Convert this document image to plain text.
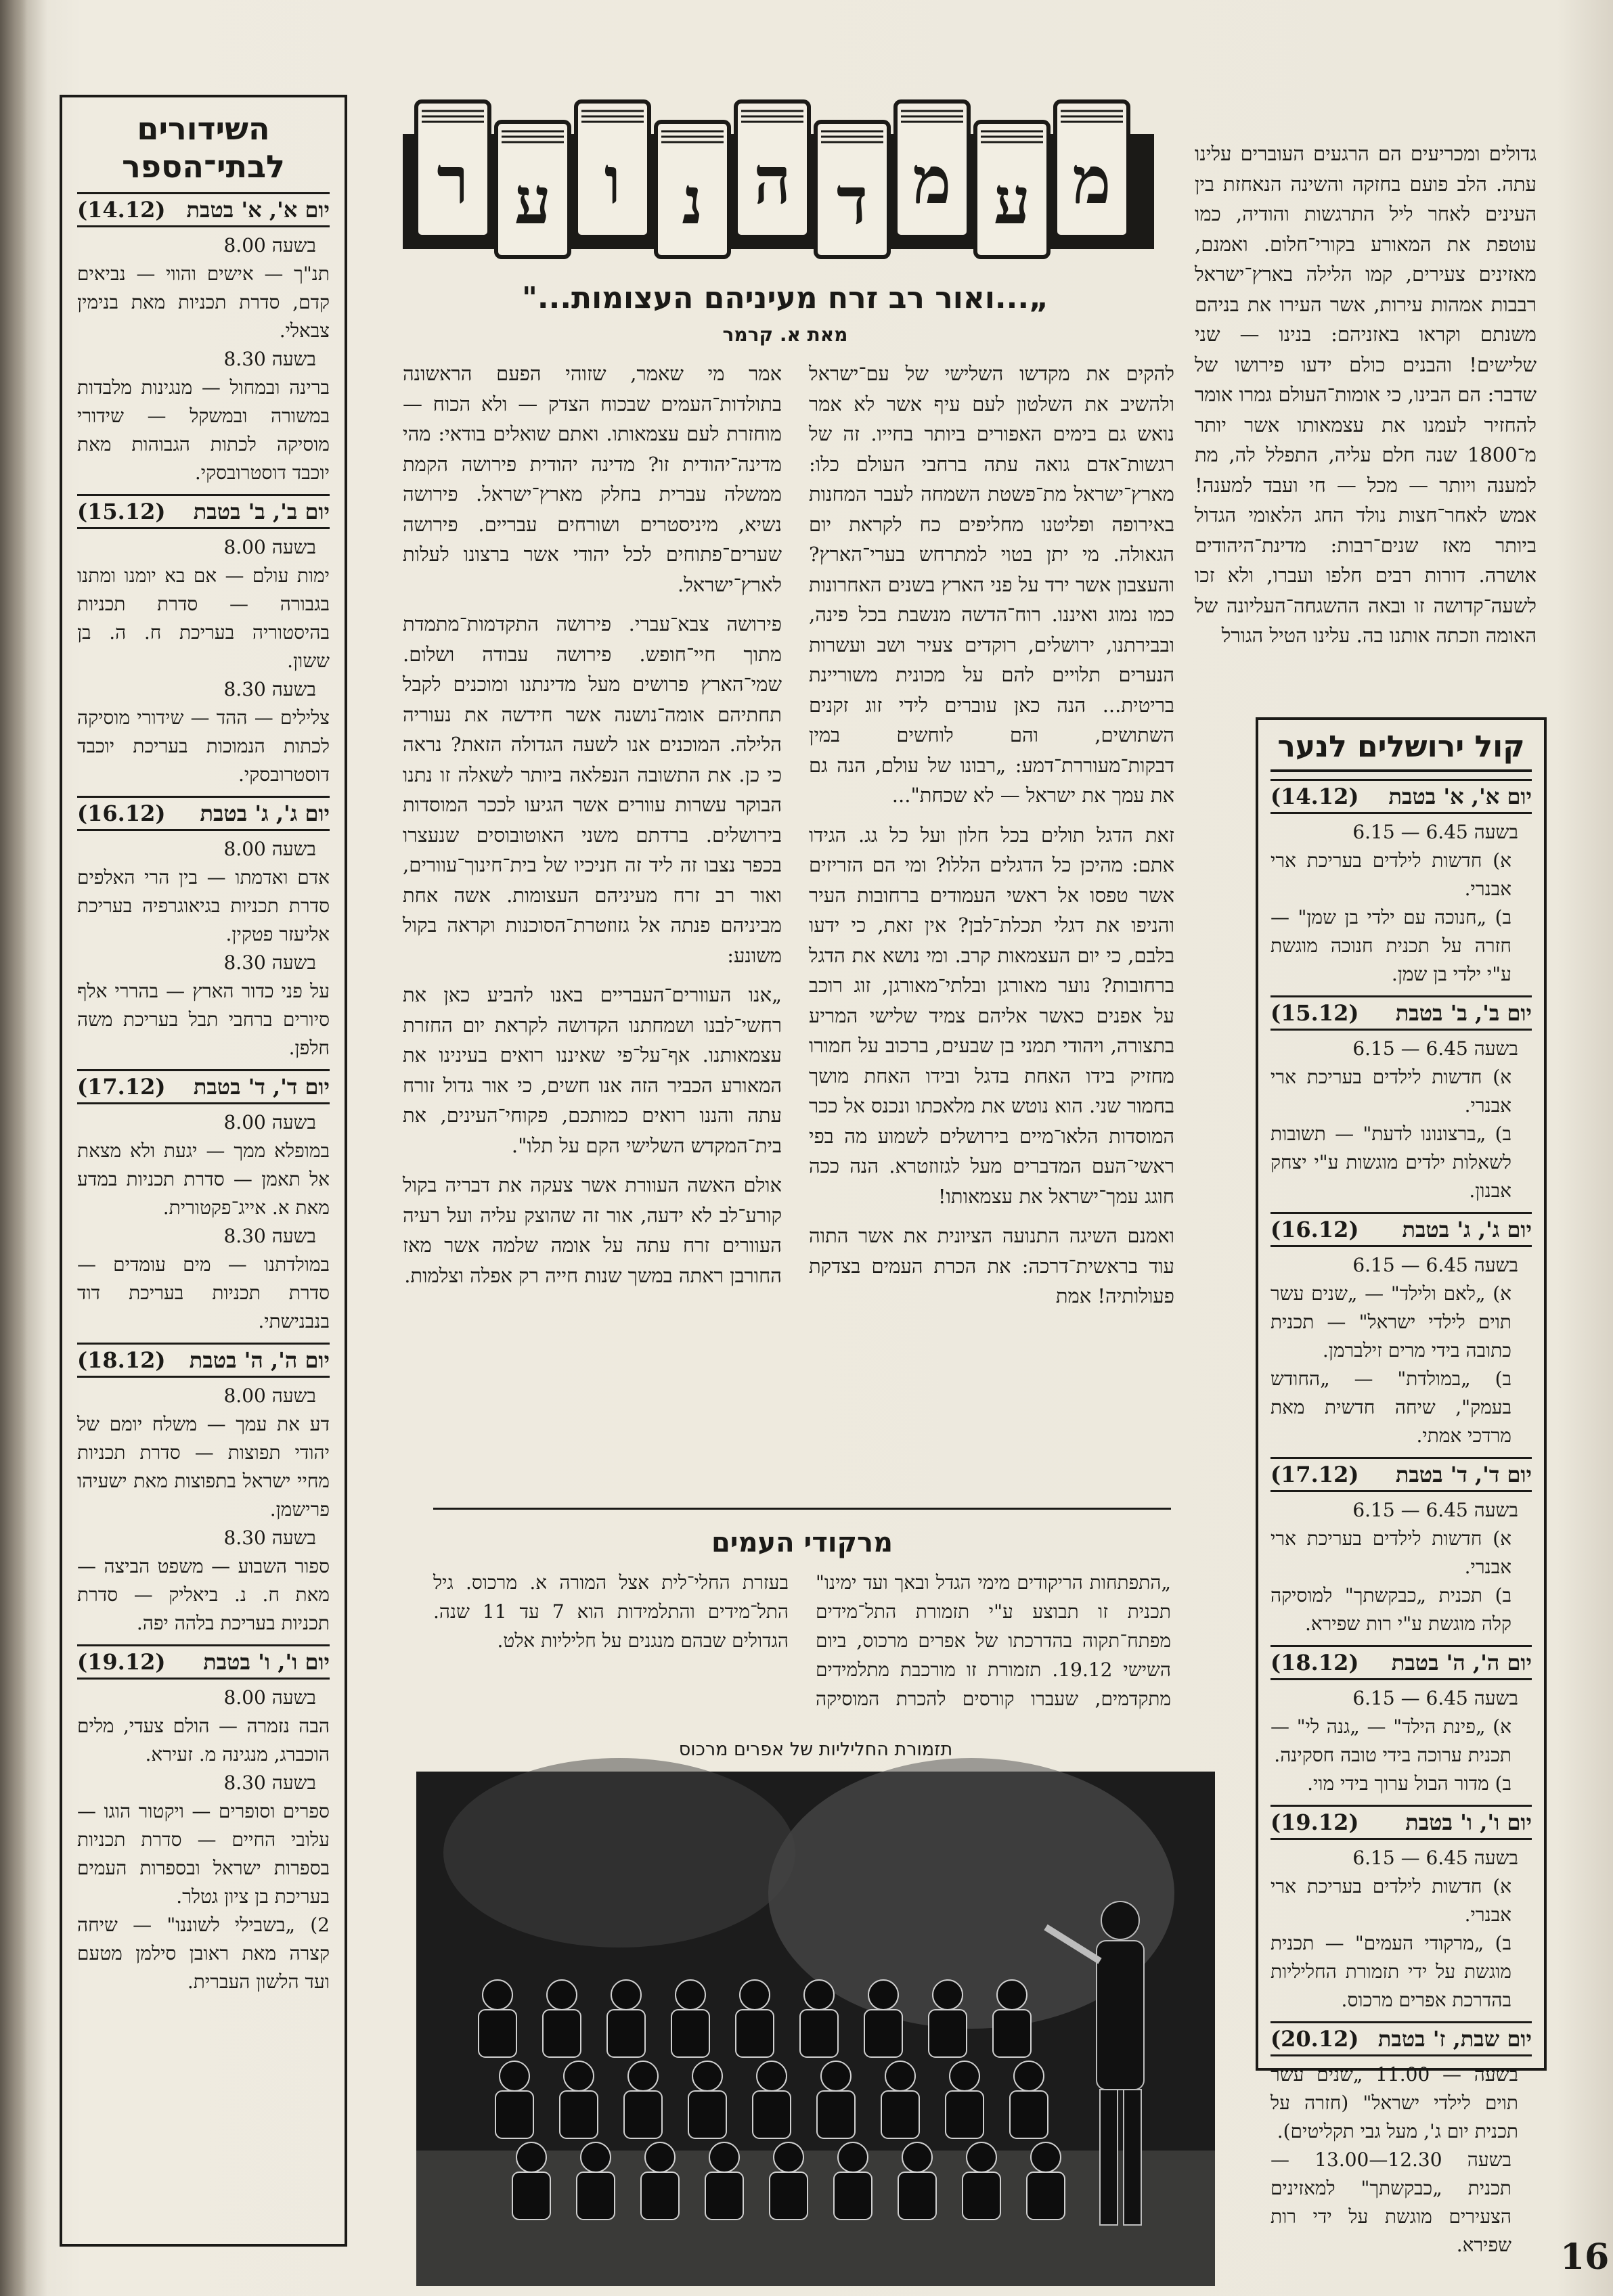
השידורים
לבתי־הספר
יום א', א' בטבת
(14.12)
בשעה 8.00
תנ"ך — אישים והווי — נביאים קדם, סדרת תכניות מאת בנימין צבאלי.
בשעה 8.30
ברינה ובמחול — מנגינות מלבדות במשורה ובמשקל — שידורי מוסיקה לכתות הגבוהות מאת יוכבד דוסטרובסקי.
יום ב', ב' בטבת
(15.12)
בשעה 8.00
ימות עולם — אם בא יומנו ומתנו בגבורה — סדרת תכניות בהיסטוריה בעריכת ח. ה. בן ששון.
בשעה 8.30
צלילים — ההד — שידורי מוסיקה לכתות הנמוכות בעריכת יוכבד דוסטרובסקי.
יום ג', ג' בטבת
(16.12)
בשעה 8.00
אדם ואדמתו — בין הרי האלפים סדרת תכניות בגיאוגרפיה בעריכת אליעזר פטקין.
בשעה 8.30
על פני כדור הארץ — בהררי אלף סיורים ברחבי תבל בעריכת משה חלפן.
יום ד', ד' בטבת
(17.12)
בשעה 8.00
במופלא ממך — יגעת ולא מצאת אל תאמן — סדרת תכניות במדע מאת א. אייג־פקטורית.
בשעה 8.30
במולדתנו — מים עומדים — סדרת תכניות בעריכת דוד בנבנישתי.
יום ה', ה' בטבת
(18.12)
בשעה 8.00
דע את עמך — משלח יומם של יהודי תפוצות — סדרת תכניות מחיי ישראל בתפוצות מאת ישעיהו פרישמן.
בשעה 8.30
ספור השבוע — משפט הביצה — מאת ח. נ. ביאליק — סדרת תכניות בעריכת בלהה יפה.
יום ו', ו' בטבת
(19.12)
בשעה 8.00
הבה נזמרה — הולם צעדי, מלים הוכברג, מנגינה מ. זעירא.
בשעה 8.30
ספרים וסופרים — ויקטור הוגו — עלובי החיים — סדרת תכניות בספרות ישראל ובספרות העמים בעריכת בן ציון גטלר.
2) „בשבילי לשוננו" — שיחה קצרה מאת ראובן סילמן מטעם ועד הלשון העברית.
ר ע ו נ ה ד מ ע מ
„...ואור רב זרח מעיניהם העצומות..."
מאת א. קרמר

גדולים ומכריעים הם הרגעים העוברים עלינו עתה. הלב פועם בחזקה והשינה הנאחזת בין העינים לאחר ליל התרגשות והודיה, כמו עוטפת את המאורע בקורי־חלום. ואמנם, מאזינים צעירים, קמו הלילה בארץ־ישראל רבבות אמהות עירות, אשר העירו את בניהם משנתם וקראו באזניהם: בנינו — שני שלישים! והבנים כולם ידעו פירושו של שדבר: הם הבינו, כי אומות־העולם גמרו אומר להחזיר לעמנו את עצמאותו אשר יותר מ־1800 שנה חלם עליה, התפלל לה, מת למענה ויותר — מכל — חי ועבד למענה! אמש לאחר־חצות נולד החג הלאומי הגדול ביותר מאז שנים־רבות: מדינת־היהודים אושרה. דורות רבים חלפו ועברו, ולא זכו לשעה־קדושה זו ובאה ההשגחה־העליונה של האומה וזכתה אותנו בה. עלינו הטיל הגורל

להקים את מקדשו השלישי של עם־ישראל ולהשיב את השלטון לעם עיף אשר לא אמר נואש גם בימים האפורים ביותר בחייו. זה של רגשות־אדם גואה עתה ברחבי העולם כלו: מארץ־ישראל מת־פשטת השמחה לעבר המחנות באירופה ופליטנו מחליפים כח לקראת יום הגאולה. מי יתן בטוי למתרחש בערי־הארץ? והעצבון אשר ירד על פני הארץ בשנים האחרונות כמו נמוג ואיננו. רוח־הדשה מנשבת בכל פינה, ובבירתנו, ירושלים, רוקדים צעיר ושב ועשרות הנערים תלויים להם על מכונית משוריינת בריטית... הנה כאן עוברים לידי זוג זקנים השתושים, והם לוחשים במין דבקות־מעוררת־דמע: „רבונו של עולם, הנה גם את עמך את ישראל — לא שכחת"...

זאת הדגל תולים בכל חלון ועל כל גג. הגידו אתם: מהיכן כל הדגלים הללו? ומי הם הזריזים אשר טפסו אל ראשי העמודים ברחובות העיר והניפו את דגלי תכלת־לבן? אין זאת, כי ידעו בלבם, כי יום העצמאות קרב. ומי נושא את הדגל ברחובות? נוער מאורגן ובלתי־מאורגן, זוג רוכב על אפנים כאשר אליהם צמיד שלישי המריע בתצורה, ויהודי תמני בן שבעים, ברכוב על חמורו מחזיק בידו האחת בדגל ובידו האחת מושך בחמור שני. הוא נוטש את מלאכתו ונכנס אל ככר המוסדות הלאו־מיים בירושלים לשמוע מה בפי ראשי־העם המדברים מעל לגזוזטרא. הנה ככה חוגג עמך־ישראל את עצמאותו!

ואמנם השיגה התנועה הציונית את אשר התוה עוד בראשית־דרכה: את הכרת העמים בצדקת פעולותיה! אמת

אמר מי שאמר, שזוהי הפעם הראשונה בתולדות־העמים שבכוח הצדק — ולא הכוח — מוחזרת לעם עצמאותו. ואתם שואלים בודאי: מהי מדינה־יהודית זו? מדינה יהודית פירושה הקמת ממשלה עברית בחלק מארץ־ישראל. פירושה נשיא, מיניסטרים ושורחים עבריים. פירושה שערים־פתוחים לכל יהודי אשר ברצונו לעלות לארץ־ישראל.

פירושה צבא־עברי. פירושה התקדמות־מתמדת מתוך חיי־חופש. פירושה עבודה ושלום. שמי־הארץ פרושים מעל מדינתנו ומוכנים לקבל תחתיהם אומה־נושנה אשר חידשה את נעוריה הלילה. המוכנים אנו לשעה הגדולה הזאת? נראה כי כן. את התשובה הנפלאה ביותר לשאלה זו נתנו הבוקר עשרות עוורים אשר הגיעו לככר המוסדות בירושלים. ברדתם משני האוטובוסים שנעצרו בכפר נצבו זה ליד זה חניכיו של בית־חינוך־עוורים, ואור רב זרח מעיניהם העצומות. אשה אחת מביניהם פנתה אל גזוזטרת־הסוכנות וקראה בקול משונע:

„אנו העוורים־העבריים באנו להביע כאן את רחשי־לבנו ושמחתנו הקדושה לקראת יום החזרת עצמאותנו. אף־על־פי שאיננו רואים בעינינו את המאורע הכביר הזה אנו חשים, כי אור גדול זורח עתה והננו רואים כמותכם, פקוחי־העינים, את בית־המקדש השלישי הקם על תלו".

אולם האשה העוורת אשר צעקה את דבריה בקול קורע־לב לא ידעה, אור זה שהוצק עליה ועל רעיה העוורים זרח עתה על אומה שלמה אשר מאז החורבן ראתה במשך שנות חייה רק אפלה וצלמות.

מרקודי העמים
„התפתחות הריקודים מימי הגדל ובאך ועד ימינו" תכנית זו תבוצע ע"י תזמורת התל־מידים מפתח־תקוה בהדרכתו של אפרים מרכוס, ביום השישי 19.12. תזמורת זו מורכבת מתלמידים מתקדמים, שעברו קורסים להכרת המוסיקה בעזרת החלי־לית אצל המורה א. מרכוס. גיל התל־מידים והתלמידות הוא 7 עד 11 שנה. הגדולים שבהם מנגנים על חליליות אלט.
תזמורת החליליות של אפרים מרכוס
קול ירושלים לנער
יום א', א' בטבת
(14.12)
בשעה 6.45 — 6.15
א) חדשות לילדים בעריכת ארי אבנרי.
ב) „חנוכה עם ילדי בן שמן" — חזרה על תכנית חנוכה מוגשת ע"י ילדי בן שמן.
יום ב', ב' בטבת
(15.12)
בשעה 6.45 — 6.15
א) חדשות לילדים בעריכת ארי אבנרי.
ב) „ברצונונו לדעת" — תשובות לשאלות ילדים מוגשות ע"י יצחק אבנון.
יום ג', ג' בטבת
(16.12)
בשעה 6.45 — 6.15
א) „לאם ולילד" — „שנים עשר תוים לילדי ישראל" — תכנית כתובה בידי מרים זילברמן.
ב) „במולדת" — „החודש בעמק", שיחה חדשית מאת מרדכי אמתי.
יום ד', ד' בטבת
(17.12)
בשעה 6.45 — 6.15
א) חדשות לילדים בעריכת ארי אבנרי.
ב) תכנית „כבקשתך" למוסיקה קלה מוגשת ע"י רות שפירא.
יום ה', ה' בטבת
(18.12)
בשעה 6.45 — 6.15
א) „פינת הילד" — „גנה לי" — תכנית ערוכה בידי טובה חסקינה.
ב) מדור הבול ערוך בידי מוי.
יום ו', ו' בטבת
(19.12)
בשעה 6.45 — 6.15
א) חדשות לילדים בעריכת ארי אבנרי.
ב) „מרקודי העמים" — תכנית מוגשת על ידי תזמורת החליליות בהדרכת אפרים מרכוס.
יום שבת, ז' בטבת
(20.12)
בשעה — 11.00 „שנים עשר תוים לילדי ישראל" (חזרה על תכנית יום ג', מעל גבי תקליטים).
בשעה 12.30—13.00 — תכנית „כבקשתך" למאזינים הצעירים מוגשת על ידי רות שפירא.	16
